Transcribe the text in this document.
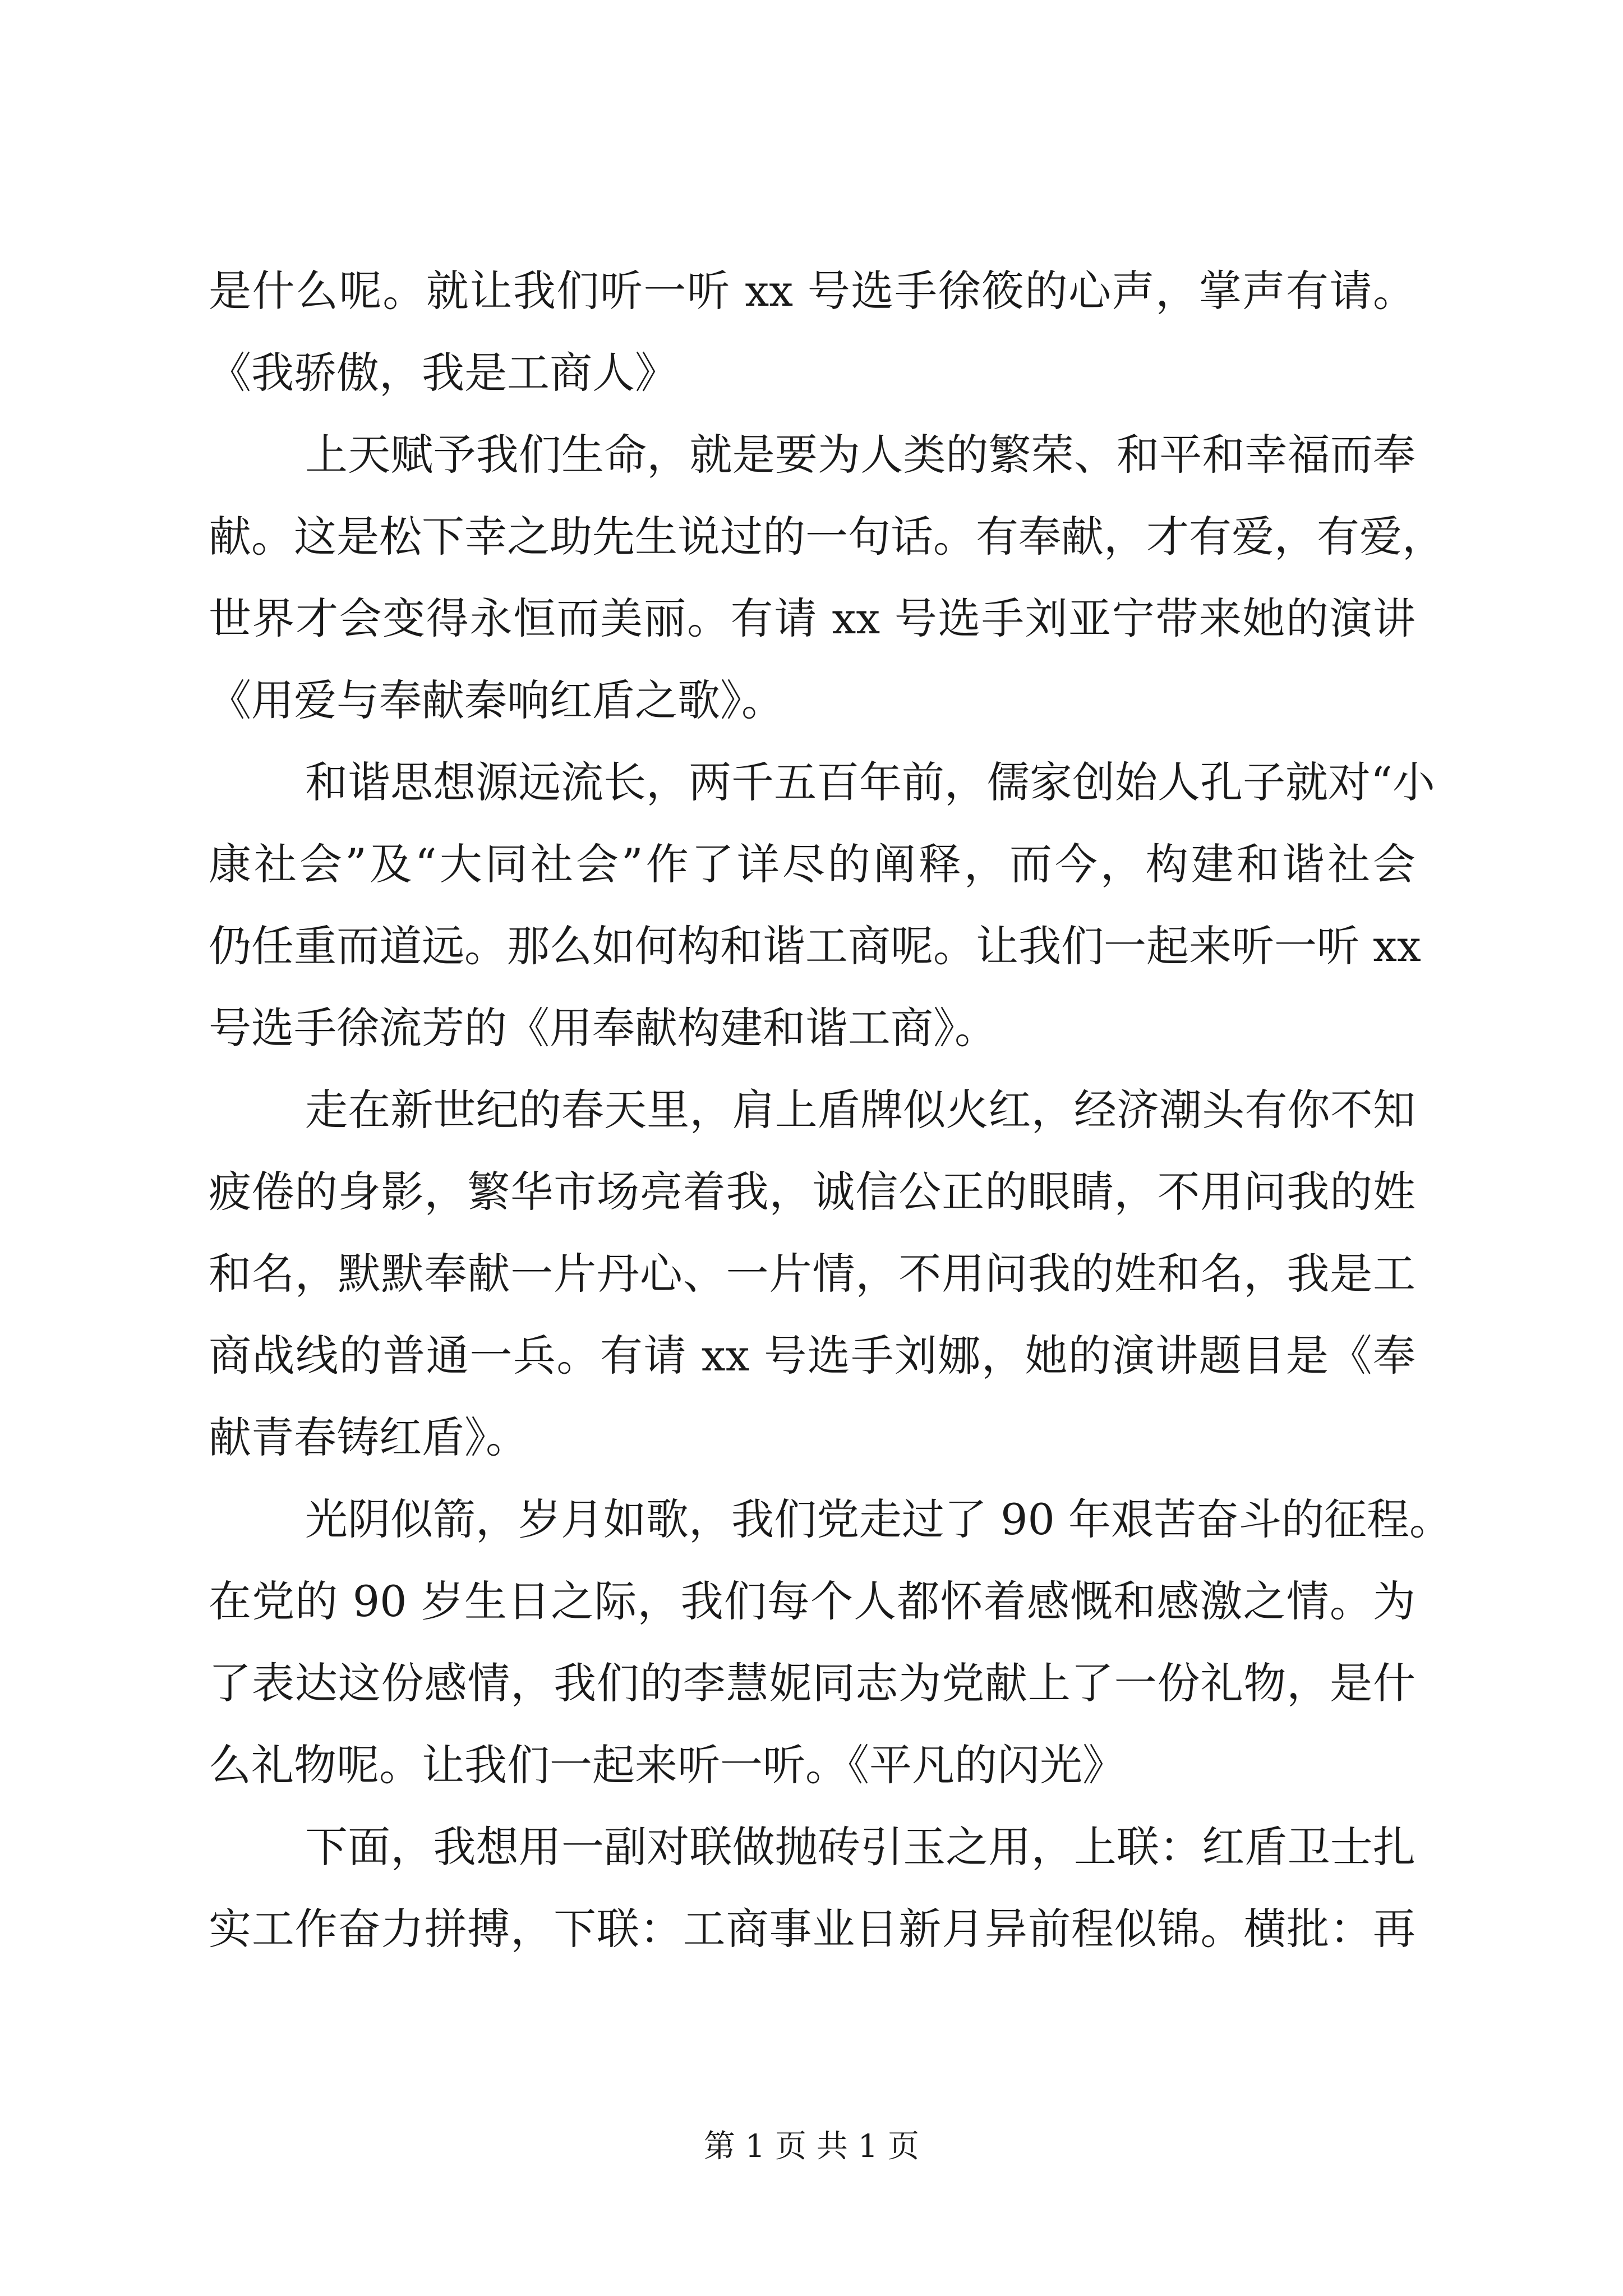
是什么呢。就让我们听一听 xx 号选手徐筱的心声，掌声有请。
《我骄傲，我是工商人》
上天赋予我们生命，就是要为人类的繁荣、和平和幸福而奉
献。这是松下幸之助先生说过的一句话。有奉献，才有爱，有爱，
世界才会变得永恒而美丽。有请 xx 号选手刘亚宁带来她的演讲
《用爱与奉献秦响红盾之歌》。
和谐思想源远流长，两千五百年前，儒家创始人孔子就对“小
康社会”及“大同社会”作了详尽的阐释，而今，构建和谐社会
仍任重而道远。那么如何构和谐工商呢。让我们一起来听一听 xx
号选手徐流芳的《用奉献构建和谐工商》。
走在新世纪的春天里，肩上盾牌似火红，经济潮头有你不知
疲倦的身影，繁华市场亮着我，诚信公正的眼睛，不用问我的姓
和名，默默奉献一片丹心、一片情，不用问我的姓和名，我是工
商战线的普通一兵。有请 xx 号选手刘娜，她的演讲题目是《奉
献青春铸红盾》。
光阴似箭，岁月如歌，我们党走过了 90 年艰苦奋斗的征程。
在党的 90 岁生日之际，我们每个人都怀着感慨和感激之情。为
了表达这份感情，我们的李慧妮同志为党献上了一份礼物，是什
么礼物呢。让我们一起来听一听。《平凡的闪光》
下面，我想用一副对联做抛砖引玉之用，上联：红盾卫士扎
实工作奋力拼搏，下联：工商事业日新月异前程似锦。横批：再
第 1 页 共 1 页
